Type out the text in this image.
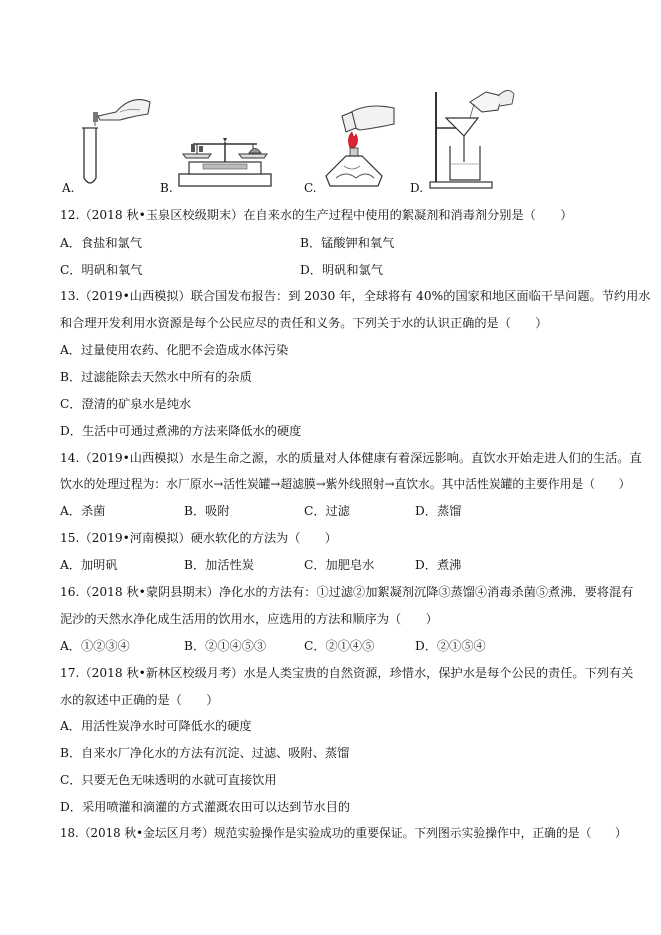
A.	B.	C.	D.
12.（2018 秋•玉泉区校级期末）在自来水的生产过程中使用的絮凝剂和消毒剂分别是（　　）
A．食盐和氯气	B．锰酸钾和氧气
C．明矾和氧气	D．明矾和氯气
13.（2019•山西模拟）联合国发布报告：到 2030 年，全球将有 40%的国家和地区面临干旱问题。节约用水
和合理开发利用水资源是每个公民应尽的责任和义务。下列关于水的认识正确的是（　　）
A．过量使用农药、化肥不会造成水体污染
B．过滤能除去天然水中所有的杂质
C．澄清的矿泉水是纯水
D．生活中可通过煮沸的方法来降低水的硬度
14.（2019•山西模拟）水是生命之源，水的质量对人体健康有着深远影响。直饮水开始走进人们的生活。直
饮水的处理过程为：水厂原水→活性炭罐→超滤膜→紫外线照射→直饮水。其中活性炭罐的主要作用是（　　）
A．杀菌	B．吸附	C．过滤	D．蒸馏
15.（2019•河南模拟）硬水软化的方法为（　　）
A．加明矾	B．加活性炭	C．加肥皂水	D．煮沸
16.（2018 秋•蒙阴县期末）净化水的方法有：①过滤②加絮凝剂沉降③蒸馏④消毒杀菌⑤煮沸．要将混有
泥沙的天然水净化成生活用的饮用水，应选用的方法和顺序为（　　）
A．①②③④	B．②①④⑤③	C．②①④⑤	D．②①⑤④
17.（2018 秋•新林区校级月考）水是人类宝贵的自然资源，珍惜水，保护水是每个公民的责任。下列有关
水的叙述中正确的是（　　）
A．用活性炭净水时可降低水的硬度
B．自来水厂净化水的方法有沉淀、过滤、吸附、蒸馏
C．只要无色无味透明的水就可直接饮用
D．采用喷灌和滴灌的方式灌溉农田可以达到节水目的
18.（2018 秋•金坛区月考）规范实验操作是实验成功的重要保证。下列图示实验操作中，正确的是（　　）
